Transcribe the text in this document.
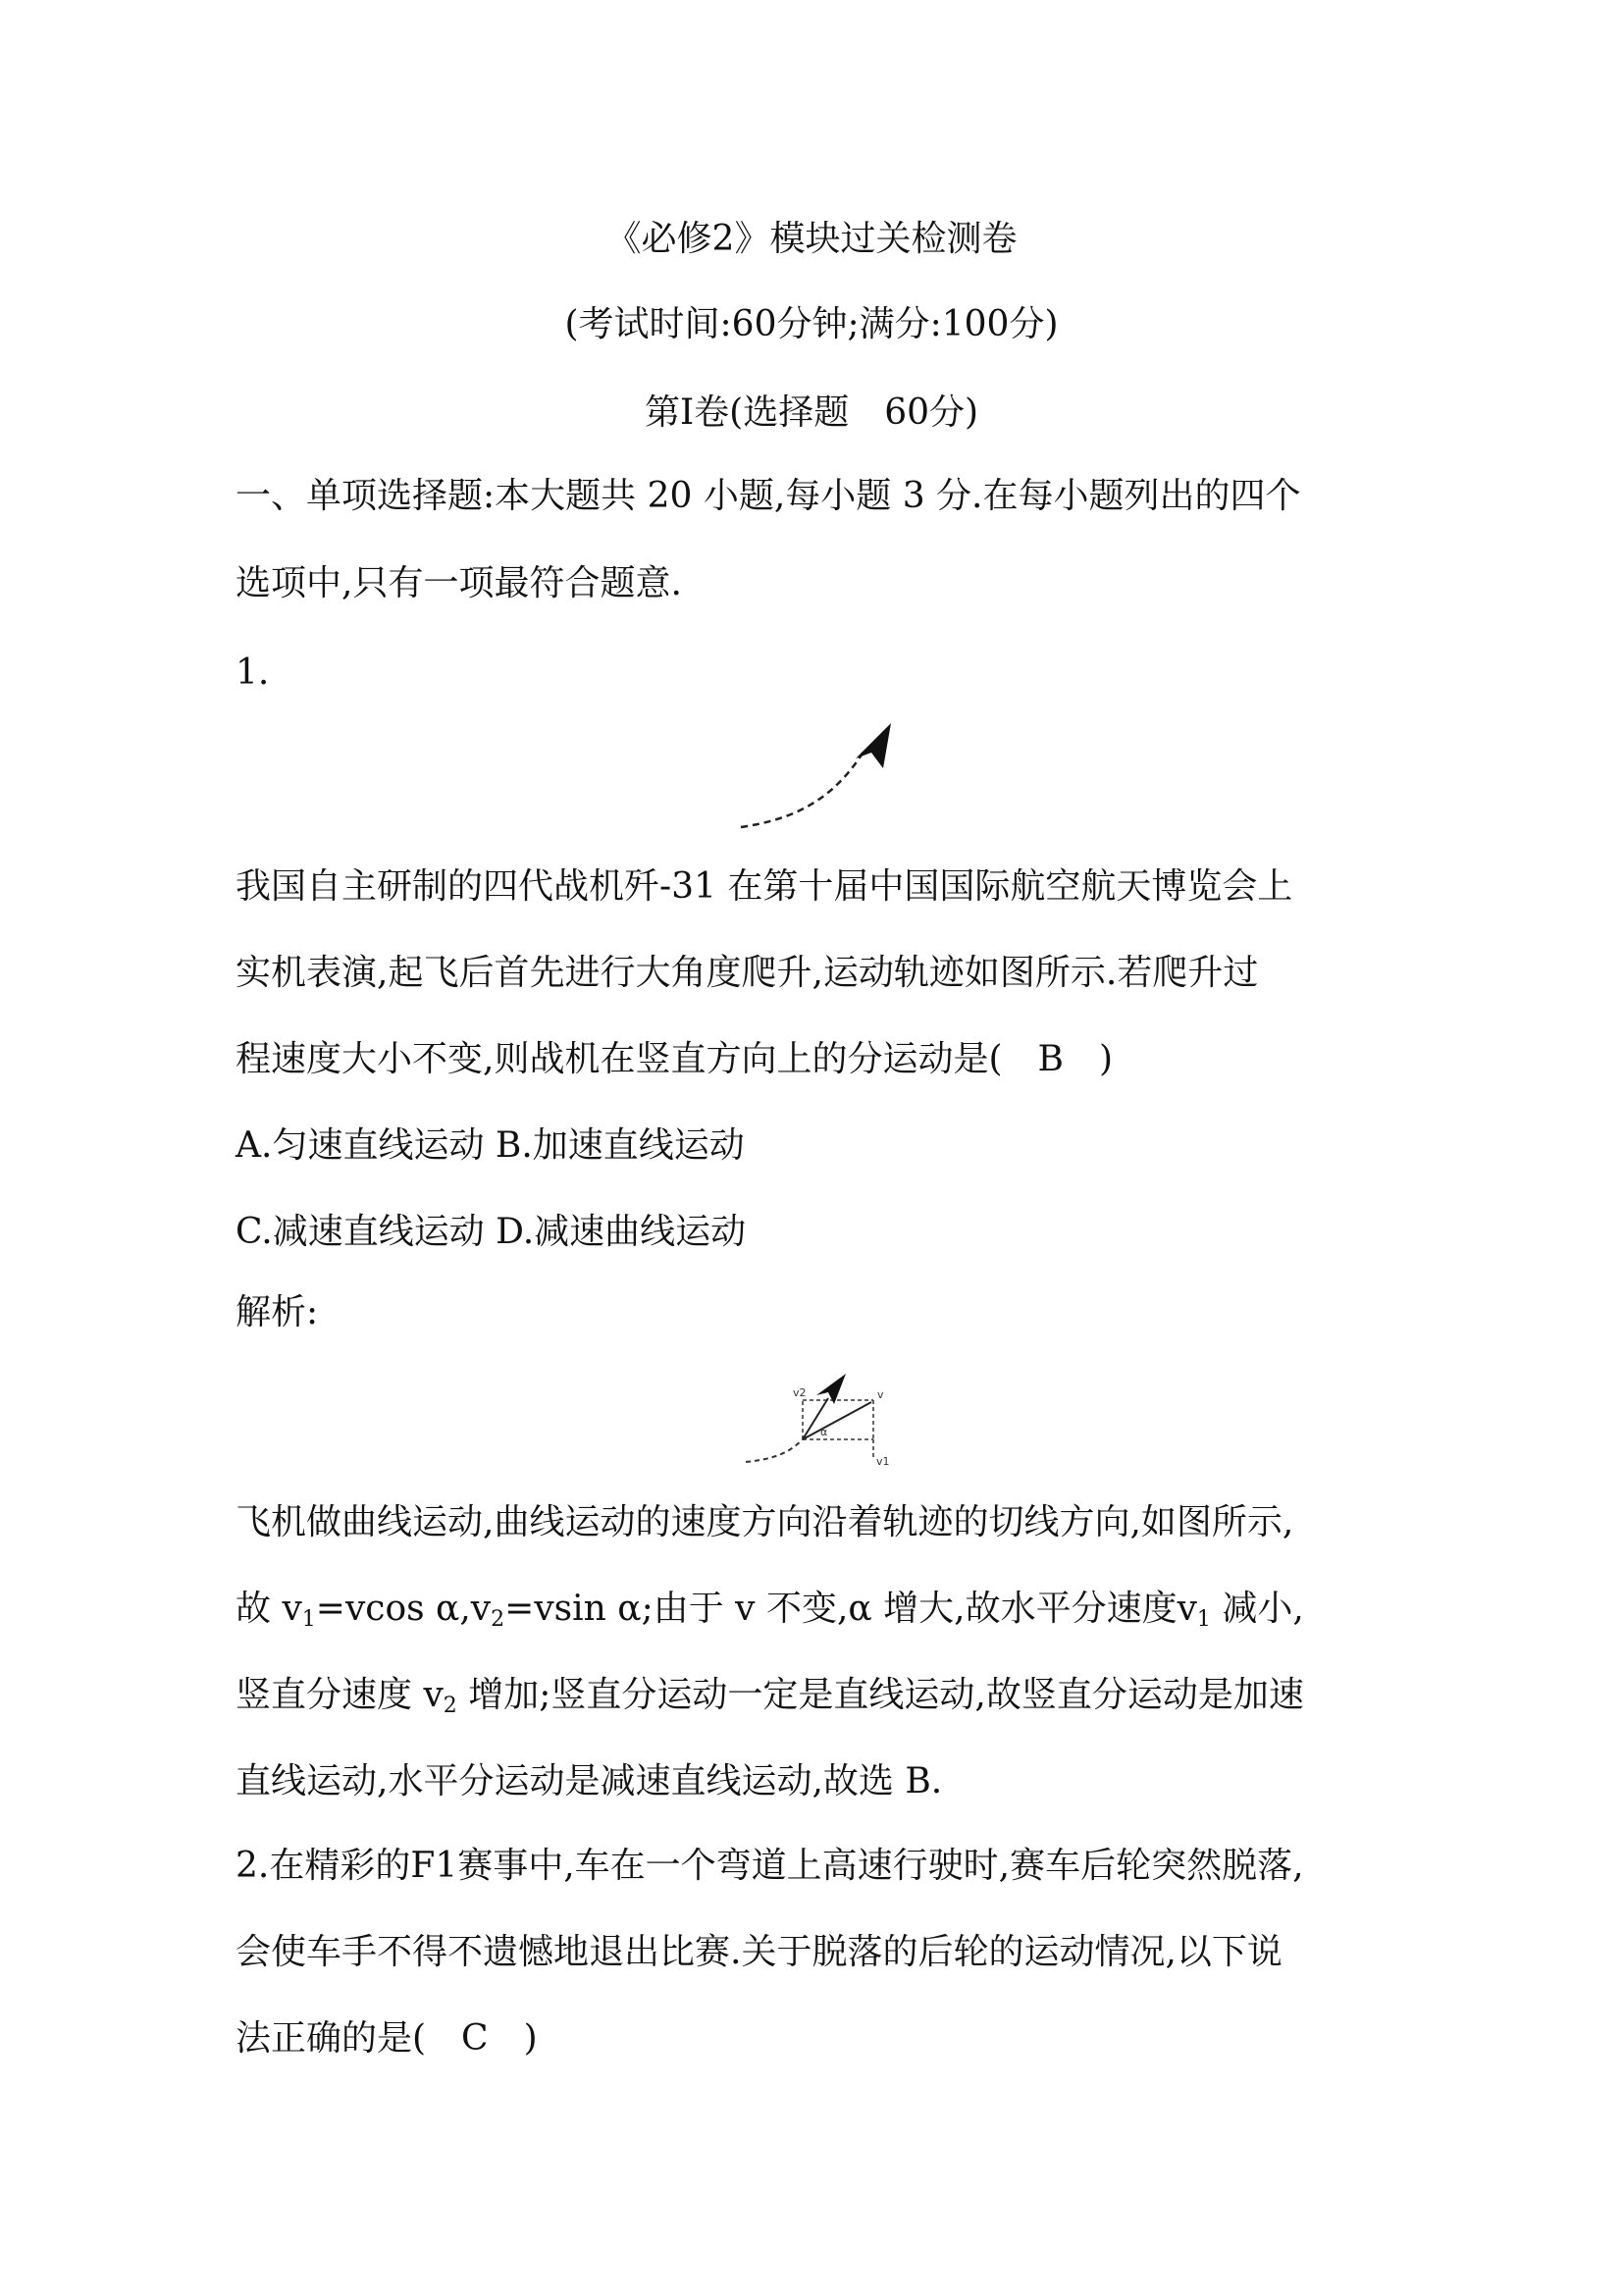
《必修2》模块过关检测卷
(考试时间:60分钟;满分:100分)
第Ⅰ卷(选择题　60分)
一、单项选择题:本大题共 20 小题,每小题 3 分.在每小题列出的四个
选项中,只有一项最符合题意.
1.
我国自主研制的四代战机歼-31 在第十届中国国际航空航天博览会上
实机表演,起飞后首先进行大角度爬升,运动轨迹如图所示.若爬升过
程速度大小不变,则战机在竖直方向上的分运动是(　B　)
A.匀速直线运动 B.加速直线运动
C.减速直线运动 D.减速曲线运动
解析:
v2	v
v1
α
飞机做曲线运动,曲线运动的速度方向沿着轨迹的切线方向,如图所示,
故 $v_1=vcos$ $\alpha,v_2=vsin$ α;由于 v 不变,α 增大,故水平分速度$v_1$ 减小,
竖直分速度 $v_2$ 增加;竖直分运动一定是直线运动,故竖直分运动是加速
直线运动,水平分运动是减速直线运动,故选 B.
2.在精彩的F1赛事中,车在一个弯道上高速行驶时,赛车后轮突然脱落,
会使车手不得不遗憾地退出比赛.关于脱落的后轮的运动情况,以下说
法正确的是(　C　)
